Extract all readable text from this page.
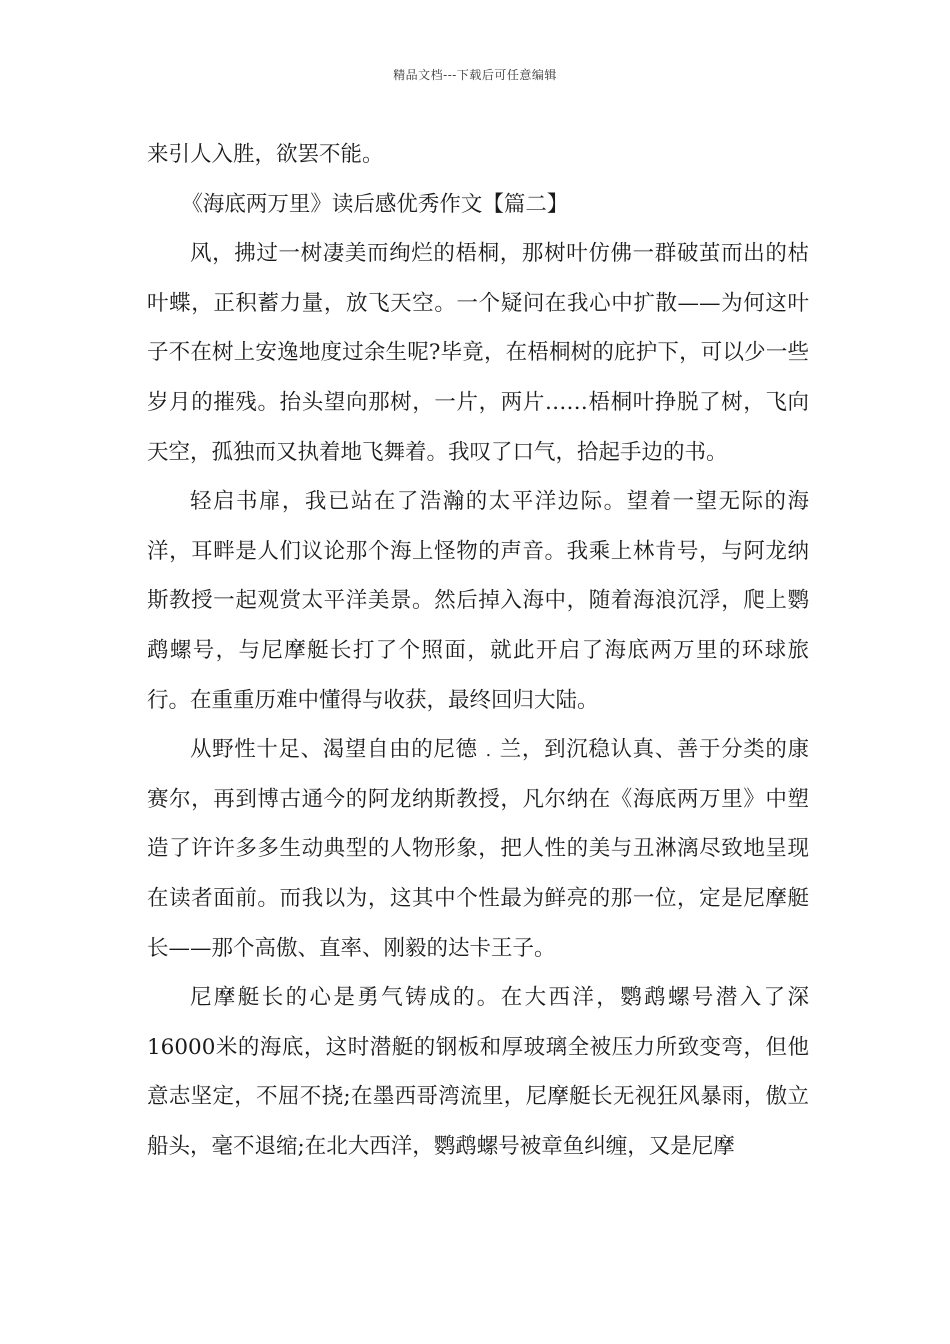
精品文档---下载后可任意编辑

来引人入胜，欲罢不能。

《海底两万里》读后感优秀作文【篇二】

风，拂过一树凄美而绚烂的梧桐，那树叶仿佛一群破茧而出的枯叶蝶，正积蓄力量，放飞天空。一个疑问在我心中扩散——为何这叶子不在树上安逸地度过余生呢?毕竟，在梧桐树的庇护下，可以少一些岁月的摧残。抬头望向那树，一片，两片……梧桐叶挣脱了树，飞向天空，孤独而又执着地飞舞着。我叹了口气，拾起手边的书。

轻启书扉，我已站在了浩瀚的太平洋边际。望着一望无际的海洋，耳畔是人们议论那个海上怪物的声音。我乘上林肯号，与阿龙纳斯教授一起观赏太平洋美景。然后掉入海中，随着海浪沉浮，爬上鹦鹉螺号，与尼摩艇长打了个照面，就此开启了海底两万里的环球旅行。在重重历难中懂得与收获，最终回归大陆。

从野性十足、渴望自由的尼德﹒兰，到沉稳认真、善于分类的康赛尔，再到博古通今的阿龙纳斯教授，凡尔纳在《海底两万里》中塑造了许许多多生动典型的人物形象，把人性的美与丑淋漓尽致地呈现在读者面前。而我以为，这其中个性最为鲜亮的那一位，定是尼摩艇长——那个高傲、直率、刚毅的达卡王子。

尼摩艇长的心是勇气铸成的。在大西洋，鹦鹉螺号潜入了深16000米的海底，这时潜艇的钢板和厚玻璃全被压力所致变弯，但他意志坚定，不屈不挠;在墨西哥湾流里，尼摩艇长无视狂风暴雨，傲立船头，毫不退缩;在北大西洋，鹦鹉螺号被章鱼纠缠，又是尼摩
